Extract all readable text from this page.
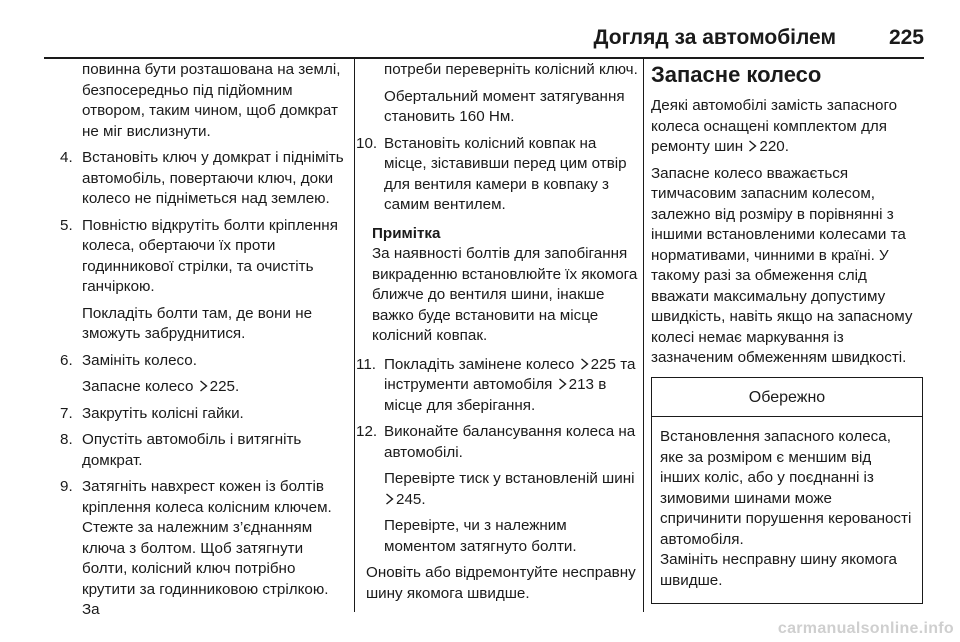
Догляд за автомобілем	225

повинна бути розташована на землі, безпосередньо під підйомним отвором, таким чином, щоб домкрат не міг вислизнути.

4. Встановіть ключ у домкрат і підніміть автомобіль, повертаючи ключ, доки колесо не підніметься над землею.

5. Повністю відкрутіть болти кріплення колеса, обертаючи їх проти годинникової стрілки, та очистіть ганчіркою.

Покладіть болти там, де вони не зможуть забруднитися.

6. Замініть колесо.

Запасне колесо 225.

7. Закрутіть колісні гайки.

8. Опустіть автомобіль і витягніть домкрат.

9. Затягніть навхрест кожен із болтів кріплення колеса колісним ключем. Стежте за належним з’єднанням ключа з болтом. Щоб затягнути болти, колісний ключ потрібно крутити за годинниковою стрілкою. За

потреби переверніть колісний ключ.

Обертальний момент затягування становить 160 Нм.

10. Встановіть колісний ковпак на місце, зіставивши перед цим отвір для вентиля камери в ковпаку з самим вентилем.

Примітка

За наявності болтів для запобігання викраденню встановлюйте їх якомога ближче до вентиля шини, інакше важко буде встановити на місце колісний ковпак.

11. Покладіть замінене колесо 225 та інструменти автомобіля 213 в місце для зберігання.

12. Виконайте балансування колеса на автомобілі.

Перевірте тиск у встановленій шині 245.

Перевірте, чи з належним моментом затягнуто болти.

Оновіть або відремонтуйте несправну шину якомога швидше.

Запасне колесо

Деякі автомобілі замість запасного колеса оснащені комплектом для ремонту шин 220.

Запасне колесо вважається тимчасовим запасним колесом, залежно від розміру в порівнянні з іншими встановленими колесами та нормативами, чинними в країні. У такому разі за обмеження слід вважати максимальну допустиму швидкість, навіть якщо на запасному колесі немає маркування із зазначеним обмеженням швидкості.

Обережно

Встановлення запасного колеса, яке за розміром є меншим від інших коліс, або у поєднанні із зимовими шинами може спричинити порушення керованості автомобіля.

Замініть несправну шину якомога швидше.

carmanualsonline.info
